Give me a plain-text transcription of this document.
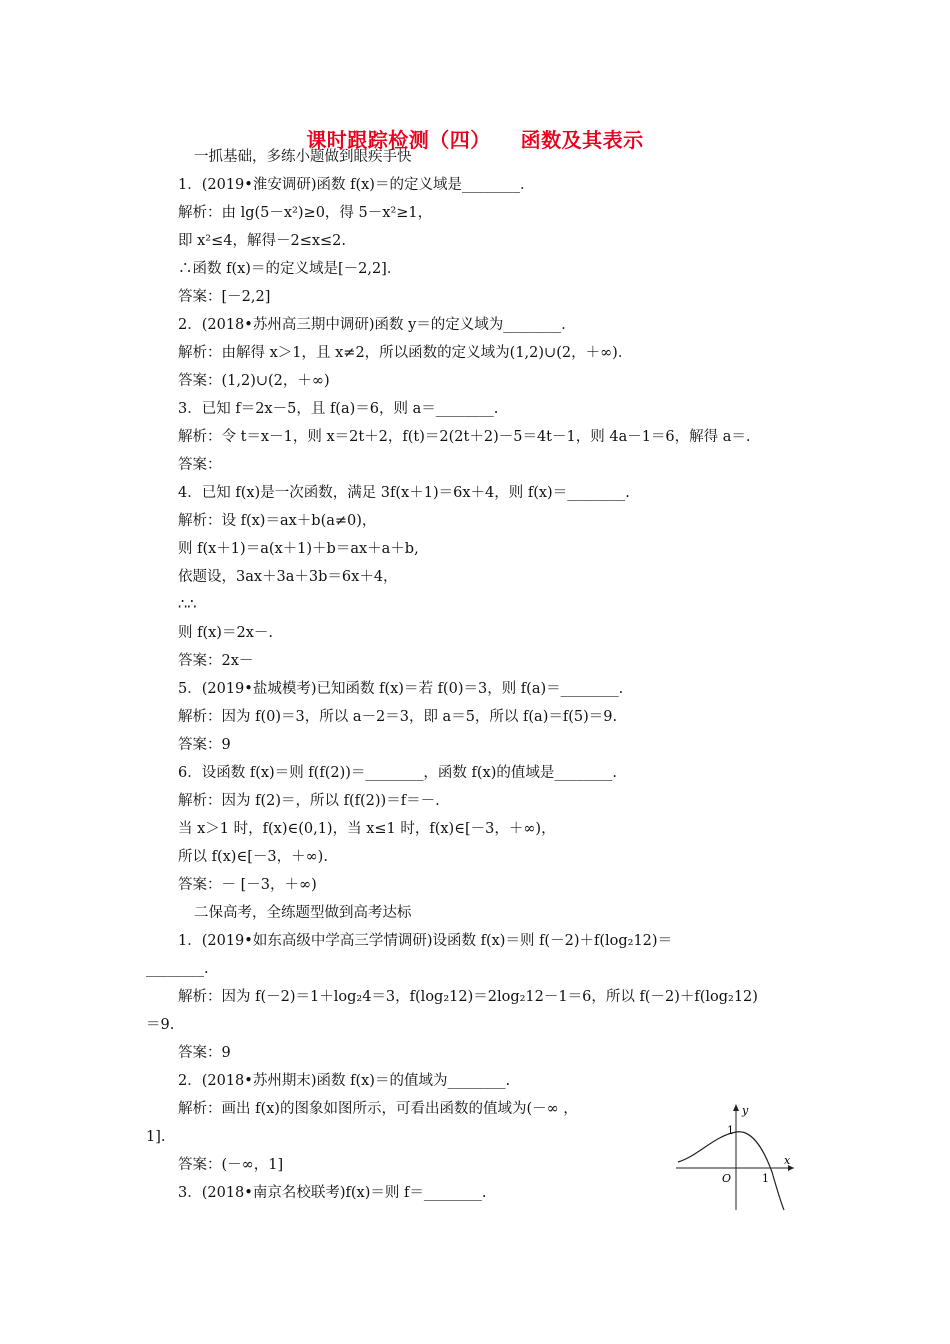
课时跟踪检测（四）    函数及其表示
一抓基础，多练小题做到眼疾手快
1．(2019•淮安调研)函数 f(x)＝的定义域是________．
解析：由 lg(5－x²)≥0，得 5－x²≥1，
即 x²≤4，解得－2≤x≤2.
∴函数 f(x)＝的定义域是[－2,2]．
答案：[－2,2]
2．(2018•苏州高三期中调研)函数 y＝的定义域为________．
解析：由解得 x＞1，且 x≠2，所以函数的定义域为(1,2)∪(2，＋∞)．
答案：(1,2)∪(2，＋∞)
3．已知 f＝2x－5，且 f(a)＝6，则 a＝________.
解析：令 t＝x－1，则 x＝2t＋2，f(t)＝2(2t＋2)－5＝4t－1，则 4a－1＝6，解得 a＝.
答案：
4．已知 f(x)是一次函数，满足 3f(x＋1)＝6x＋4，则 f(x)＝________.
解析：设 f(x)＝ax＋b(a≠0)，
则 f(x＋1)＝a(x＋1)＋b＝ax＋a＋b,
依题设，3ax＋3a＋3b＝6x＋4，
∴∴
则 f(x)＝2x－.
答案：2x－
5．(2019•盐城模考)已知函数 f(x)＝若 f(0)＝3，则 f(a)＝________.
解析：因为 f(0)＝3，所以 a－2＝3，即 a＝5，所以 f(a)＝f(5)＝9.
答案：9
6．设函数 f(x)＝则 f(f(2))＝________，函数 f(x)的值域是________.
解析：因为 f(2)＝，所以 f(f(2))＝f＝－.
当 x＞1 时，f(x)∈(0,1)，当 x≤1 时，f(x)∈[－3，＋∞)，
所以 f(x)∈[－3，＋∞).
答案：－ [－3，＋∞)
二保高考，全练题型做到高考达标
1．(2019•如东高级中学高三学情调研)设函数 f(x)＝则 f(－2)＋f(log₂12)＝
________.
解析：因为 f(－2)＝1＋log₂4＝3，f(log₂12)＝2log₂12－1＝6，所以 f(－2)＋f(log₂12)
＝9.
答案：9
2．(2018•苏州期末)函数 f(x)＝的值域为________.
解析：画出 f(x)的图象如图所示，可看出函数的值域为(－∞ ，
1].
答案：(－∞，1]
3．(2018•南京名校联考)f(x)＝则 f＝________.
y
x
O
1
1
